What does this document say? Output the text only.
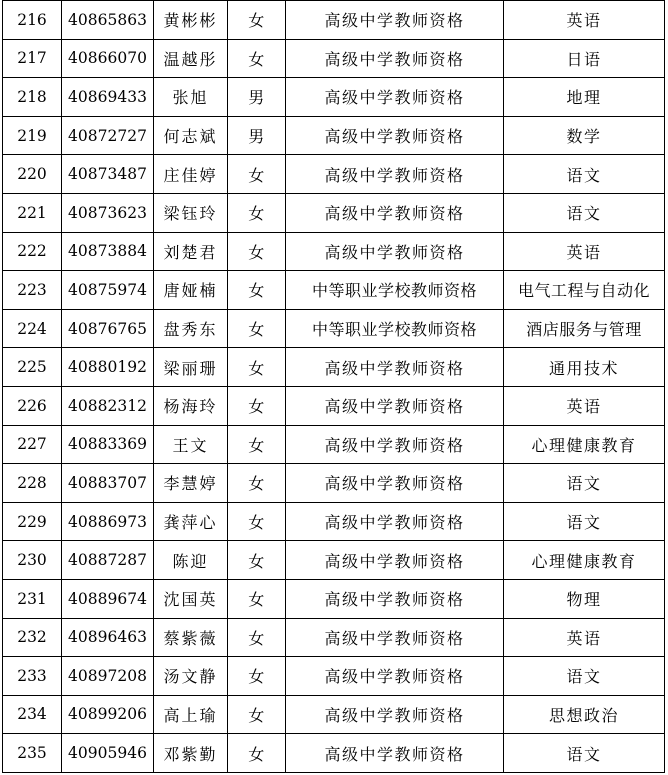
216	40865863	黄彬彬	女	高级中学教师资格	英语
217	40866070	温越彤	女	高级中学教师资格	日语
218	40869433	张旭	男	高级中学教师资格	地理
219	40872727	何志斌	男	高级中学教师资格	数学
220	40873487	庄佳婷	女	高级中学教师资格	语文
221	40873623	梁钰玲	女	高级中学教师资格	语文
222	40873884	刘楚君	女	高级中学教师资格	英语
223	40875974	唐娅楠	女	中等职业学校教师资格	电气工程与自动化
224	40876765	盘秀东	女	中等职业学校教师资格	酒店服务与管理
225	40880192	梁丽珊	女	高级中学教师资格	通用技术
226	40882312	杨海玲	女	高级中学教师资格	英语
227	40883369	王文	女	高级中学教师资格	心理健康教育
228	40883707	李慧婷	女	高级中学教师资格	语文
229	40886973	龚萍心	女	高级中学教师资格	语文
230	40887287	陈迎	女	高级中学教师资格	心理健康教育
231	40889674	沈国英	女	高级中学教师资格	物理
232	40896463	蔡紫薇	女	高级中学教师资格	英语
233	40897208	汤文静	女	高级中学教师资格	语文
234	40899206	高上瑜	女	高级中学教师资格	思想政治
235	40905946	邓紫勤	女	高级中学教师资格	语文
